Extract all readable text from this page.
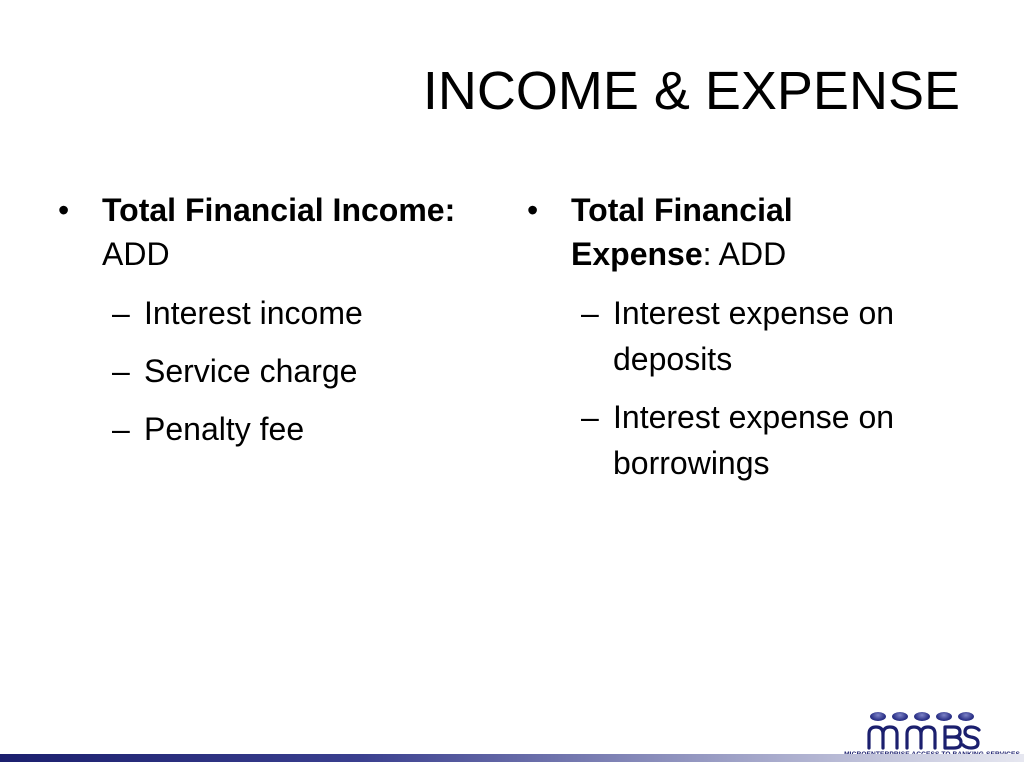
INCOME & EXPENSE
• Total Financial Income: ADD
– Interest income
– Service charge
– Penalty fee
• Total Financial Expense: ADD
– Interest expense on deposits
– Interest expense on borrowings
